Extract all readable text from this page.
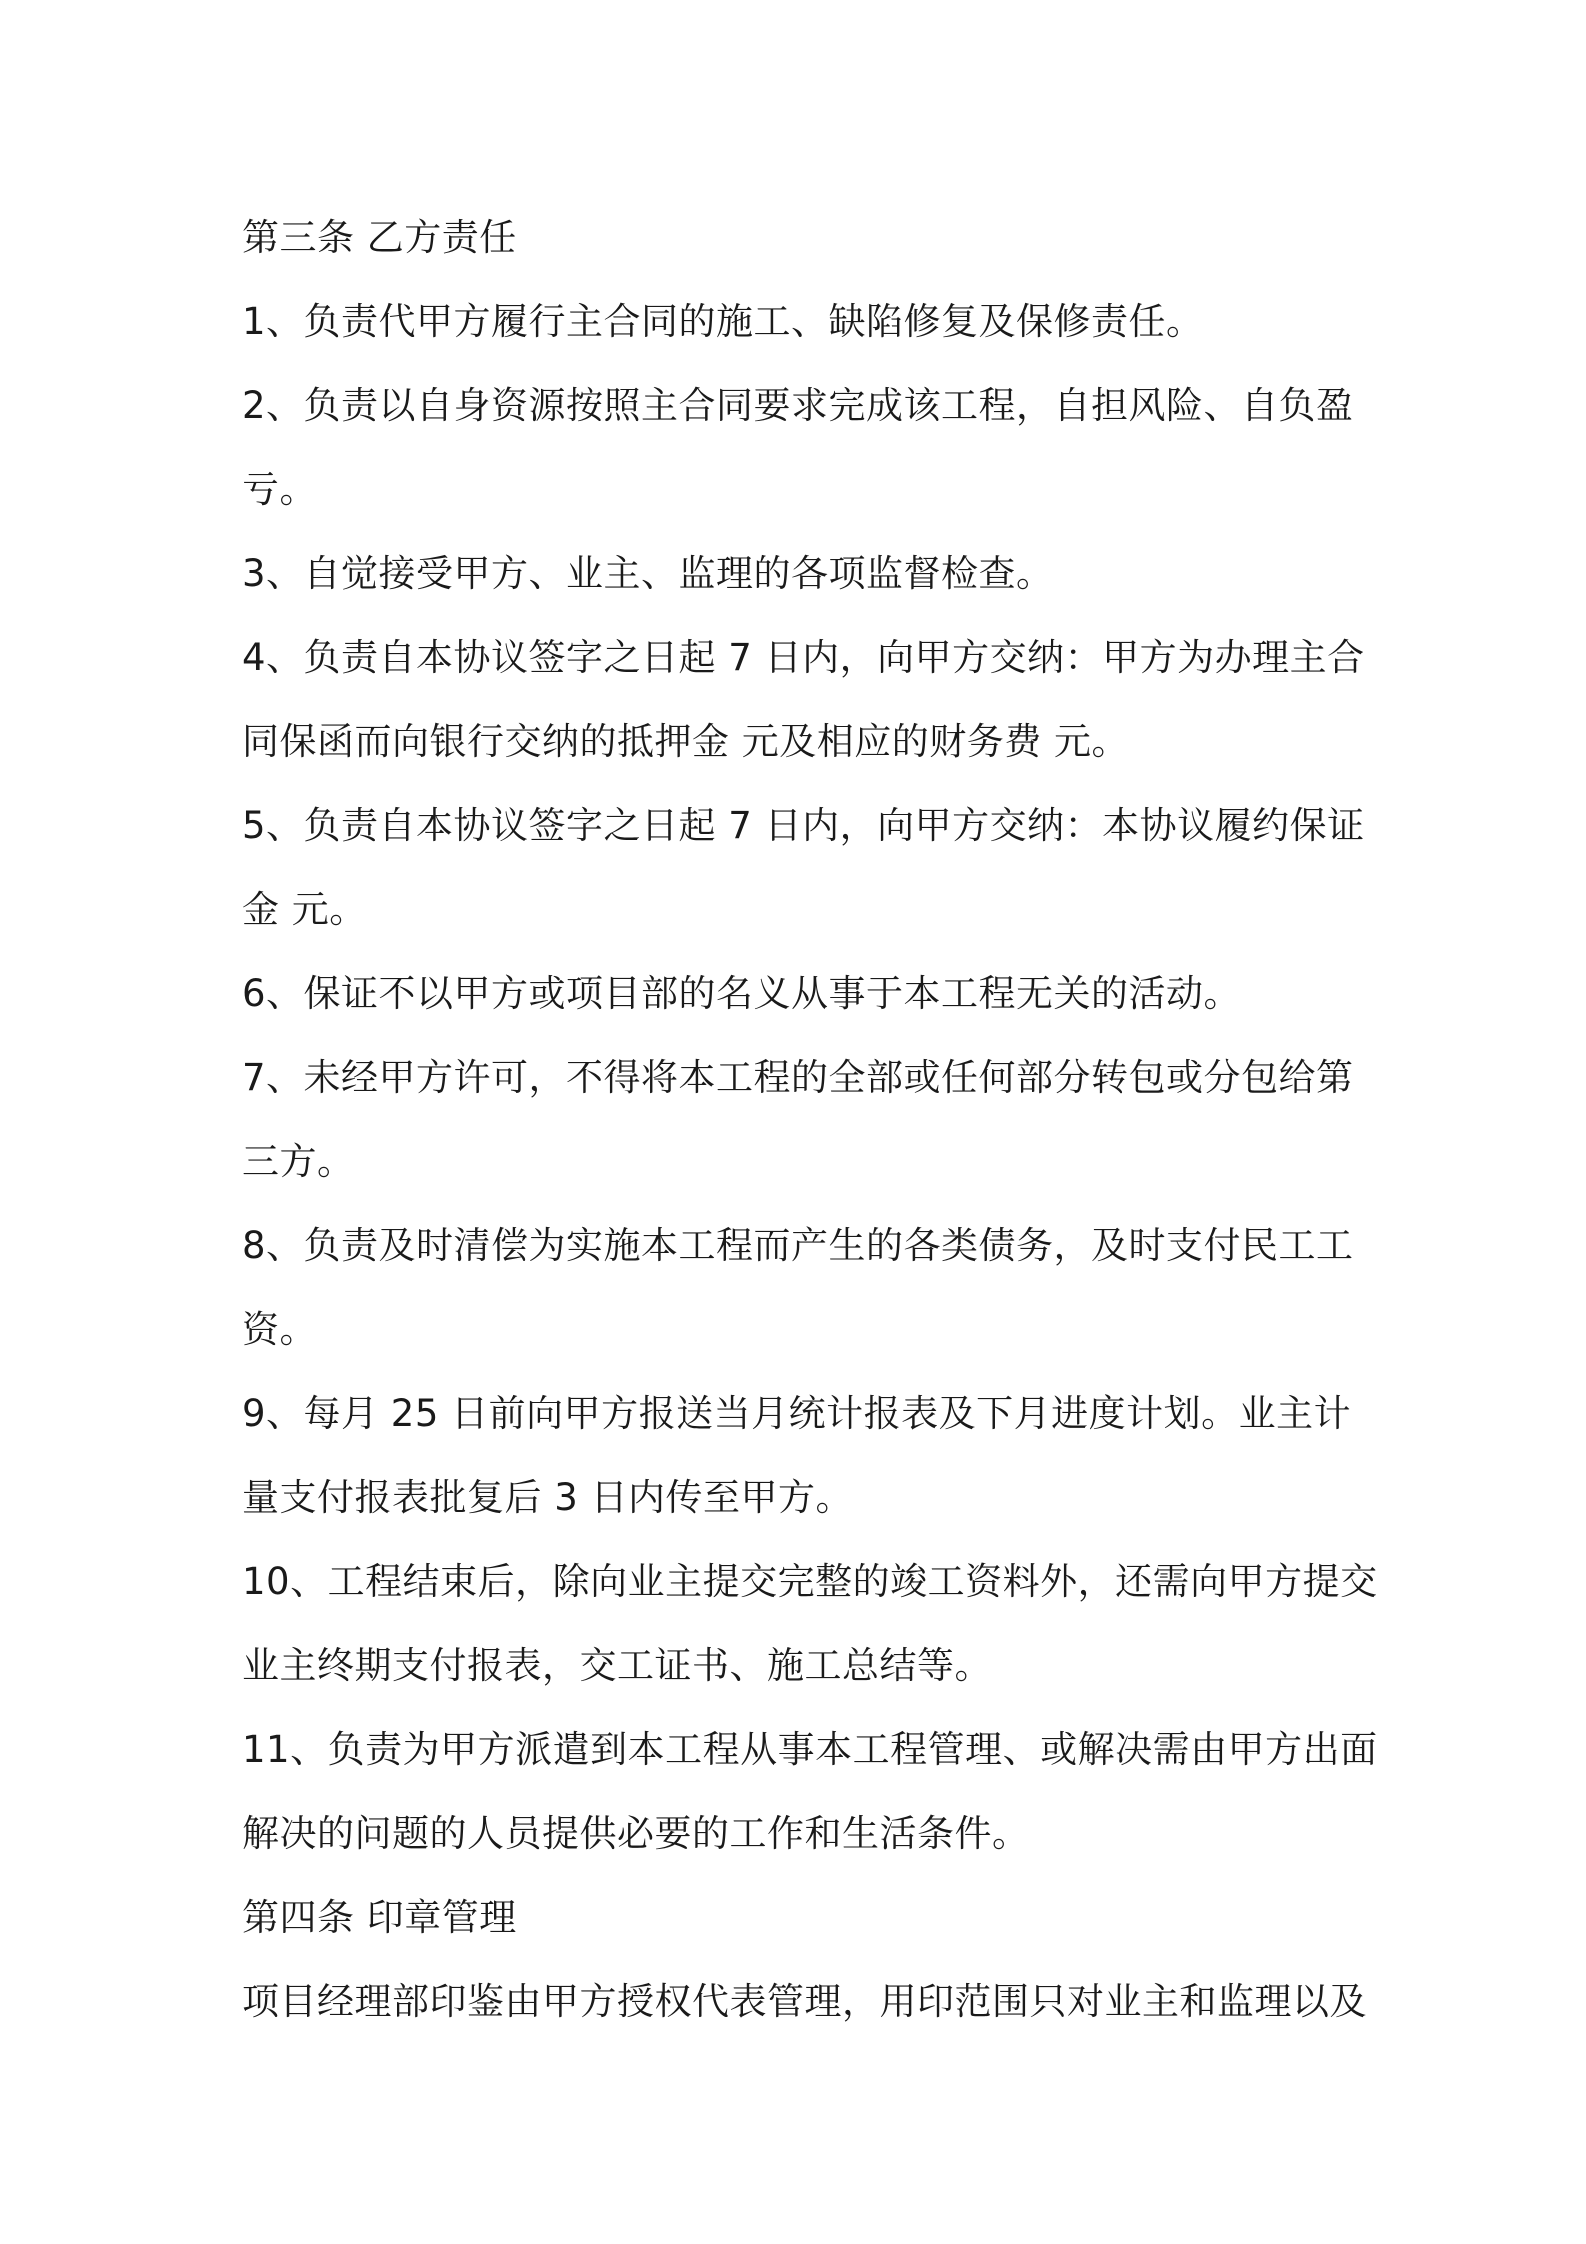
第三条 乙方责任
1、负责代甲方履行主合同的施工、缺陷修复及保修责任。
2、负责以自身资源按照主合同要求完成该工程，自担风险、自负盈
亏。
3、自觉接受甲方、业主、监理的各项监督检查。
4、负责自本协议签字之日起 7 日内，向甲方交纳：甲方为办理主合
同保函而向银行交纳的抵押金 元及相应的财务费 元。
5、负责自本协议签字之日起 7 日内，向甲方交纳：本协议履约保证
金 元。
6、保证不以甲方或项目部的名义从事于本工程无关的活动。
7、未经甲方许可，不得将本工程的全部或任何部分转包或分包给第
三方。
8、负责及时清偿为实施本工程而产生的各类债务，及时支付民工工
资。
9、每月 25 日前向甲方报送当月统计报表及下月进度计划。业主计
量支付报表批复后 3 日内传至甲方。
10、工程结束后，除向业主提交完整的竣工资料外，还需向甲方提交
业主终期支付报表，交工证书、施工总结等。
11、负责为甲方派遣到本工程从事本工程管理、或解决需由甲方出面
解决的问题的人员提供必要的工作和生活条件。
第四条 印章管理
项目经理部印鉴由甲方授权代表管理，用印范围只对业主和监理以及
